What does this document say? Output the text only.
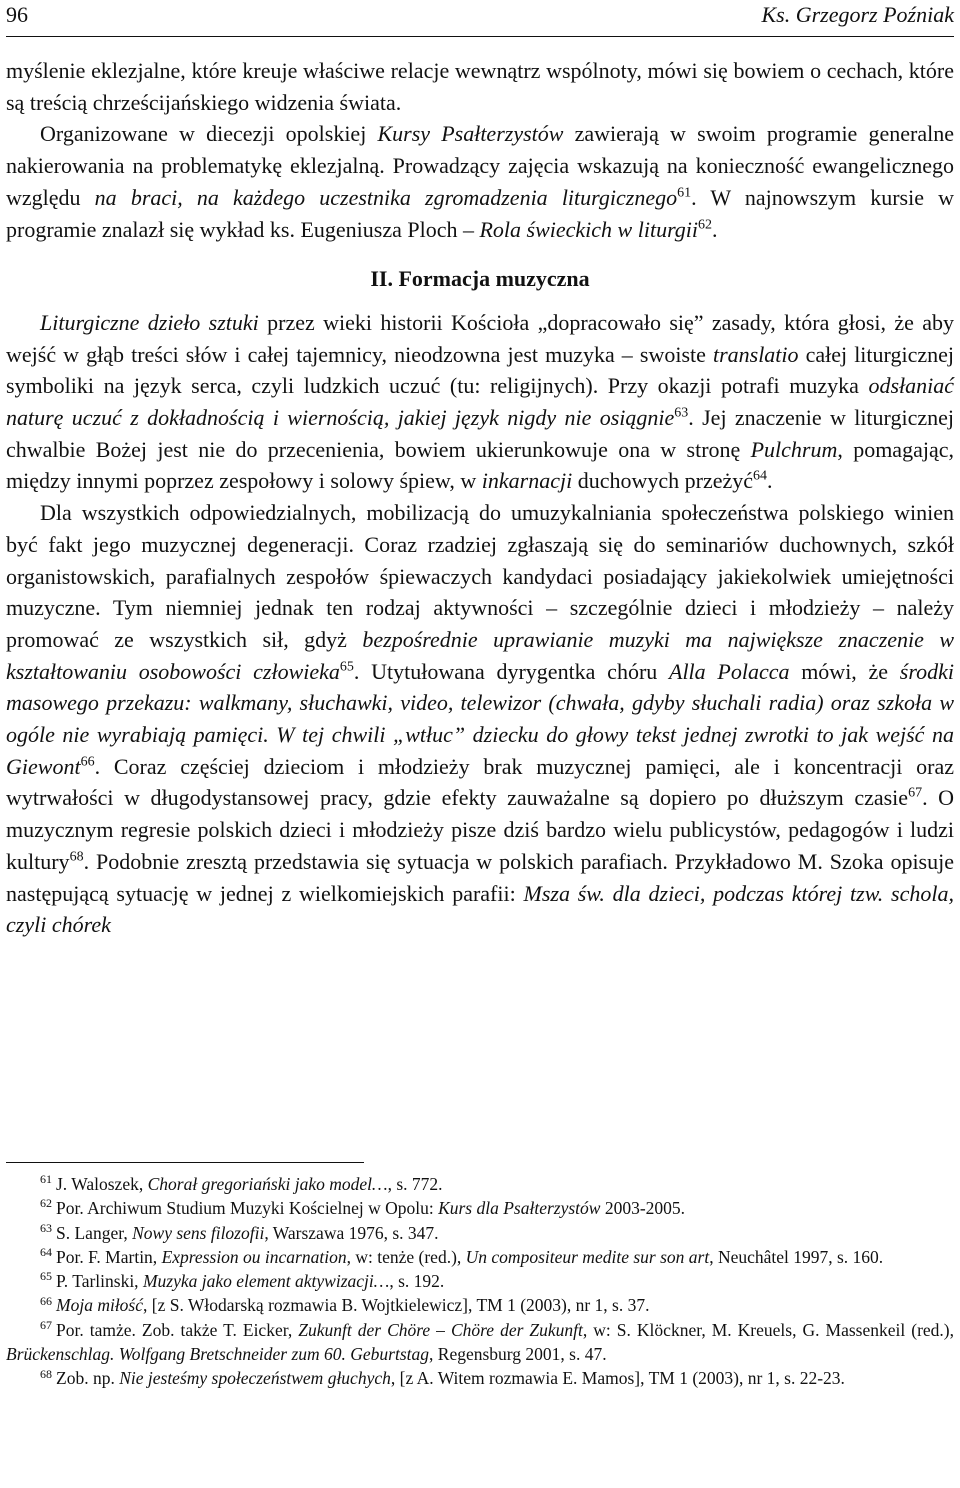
96	Ks. Grzegorz Poźniak

myślenie eklezjalne, które kreuje właściwe relacje wewnątrz wspólnoty, mówi się bowiem o cechach, które są treścią chrześcijańskiego widzenia świata.

Organizowane w diecezji opolskiej Kursy Psałterzystów zawierają w swoim programie generalne nakierowania na problematykę eklezjalną. Prowadzący zajęcia wskazują na konieczność ewangelicznego względu na braci, na każdego uczestnika zgromadzenia liturgicznego$^{61}$. W najnowszym kursie w programie znalazł się wykład ks. Eugeniusza Ploch – Rola świeckich w liturgii$^{62}$.

II. Formacja muzyczna

Liturgiczne dzieło sztuki przez wieki historii Kościoła „dopracowało się” zasady, która głosi, że aby wejść w głąb treści słów i całej tajemnicy, nieodzowna jest muzyka – swoiste translatio całej liturgicznej symboliki na język serca, czyli ludzkich uczuć (tu: religijnych). Przy okazji potrafi muzyka odsłaniać naturę uczuć z dokładnością i wiernością, jakiej język nigdy nie osiągnie$^{63}$. Jej znaczenie w liturgicznej chwalbie Bożej jest nie do przecenienia, bowiem ukierunkowuje ona w stronę Pulchrum, pomagając, między innymi poprzez zespołowy i solowy śpiew, w inkarnacji duchowych przeżyć$^{64}$.

Dla wszystkich odpowiedzialnych, mobilizacją do umuzykalniania społeczeństwa polskiego winien być fakt jego muzycznej degeneracji. Coraz rzadziej zgłaszają się do seminariów duchownych, szkół organistowskich, parafialnych zespołów śpiewaczych kandydaci posiadający jakiekolwiek umiejętności muzyczne. Tym niemniej jednak ten rodzaj aktywności – szczególnie dzieci i młodzieży – należy promować ze wszystkich sił, gdyż bezpośrednie uprawianie muzyki ma największe znaczenie w kształtowaniu osobowości człowieka$^{65}$. Utytułowana dyrygentka chóru Alla Polacca mówi, że środki masowego przekazu: walkmany, słuchawki, video, telewizor (chwała, gdyby słuchali radia) oraz szkoła w ogóle nie wyrabiają pamięci. W tej chwili „wtłuc” dziecku do głowy tekst jednej zwrotki to jak wejść na Giewont$^{66}$. Coraz częściej dzieciom i młodzieży brak muzycznej pamięci, ale i koncentracji oraz wytrwałości w długodystansowej pracy, gdzie efekty zauważalne są dopiero po dłuższym czasie$^{67}$. O muzycznym regresie polskich dzieci i młodzieży pisze dziś bardzo wielu publicystów, pedagogów i ludzi kultury$^{68}$. Podobnie zresztą przedstawia się sytuacja w polskich parafiach. Przykładowo M. Szoka opisuje następującą sytuację w jednej z wielkomiejskich parafii: Msza św. dla dzieci, podczas której tzw. schola, czyli chórek

$^{61}$ J. Waloszek, Chorał gregoriański jako model…, s. 772.

$^{62}$ Por. Archiwum Studium Muzyki Kościelnej w Opolu: Kurs dla Psałterzystów 2003-2005.

$^{63}$ S. Langer, Nowy sens filozofii, Warszawa 1976, s. 347.

$^{64}$ Por. F. Martin, Expression ou incarnation, w: tenże (red.), Un compositeur medite sur son art, Neuchâtel 1997, s. 160.

$^{65}$ P. Tarlinski, Muzyka jako element aktywizacji…, s. 192.

$^{66}$ Moja miłość, [z S. Włodarską rozmawia B. Wojtkielewicz], TM 1 (2003), nr 1, s. 37.

$^{67}$ Por. tamże. Zob. także T. Eicker, Zukunft der Chöre – Chöre der Zukunft, w: S. Klöckner, M. Kreuels, G. Massenkeil (red.), Brückenschlag. Wolfgang Bretschneider zum 60. Geburtstag, Regensburg 2001, s. 47.

$^{68}$ Zob. np. Nie jesteśmy społeczeństwem głuchych, [z A. Witem rozmawia E. Mamos], TM 1 (2003), nr 1, s. 22-23.
